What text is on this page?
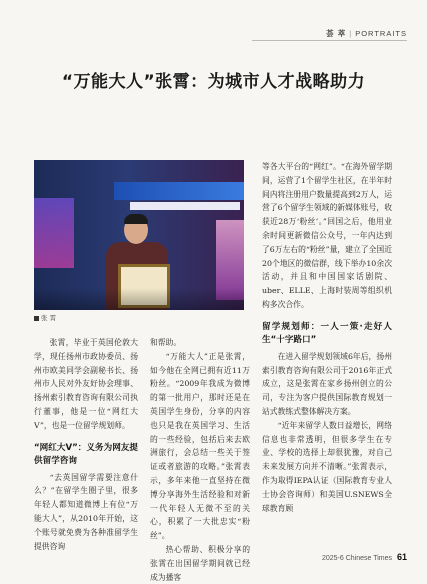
荟 萃 | PORTRAITS
“万能大人”张霄：为城市人才战略助力
张 霄

张霄，毕业于英国伦敦大学，现任扬州市政协委员、扬州市欧美同学会副秘书长、扬州市人民对外友好协会理事、扬州索引教育咨询有限公司执行董事，他是一位“网红大V”，也是一位留学规划师。

“网红大V”：义务为网友提供留学咨询

“去英国留学需要注意什么？”在留学生圈子里，很多年轻人都知道微博上有位“万能大人”，从2010年开始，这个账号就免费为各种准留学生提供咨询

和帮助。

“万能大人”正是张霄，如今他在全网已拥有近11万粉丝。“2009年我成为微博的第一批用户，那时还是在英国学生身份，分享的内容也只是我在英国学习、生活的一些经验，包括后来去欧洲旅行，会总结一些关于签证或者旅游的攻略。”张霄表示，多年来他一直坚持在微博分享海外生活经验和对新一代年轻人无微不至的关心，积累了一大批忠实“粉丝”。

热心帮助、积极分享的张霄在出国留学期间就已经成为播客

等各大平台的“网红”。“在海外留学期间，运营了1个留学生社区，在半年时间内将注册用户数量提高到2万人，运营了6个留学生领域的新媒体账号，收获近28万‘粉丝’。”回国之后，他用业余时间更新微信公众号，一年内达到了6万左右的“粉丝”量，建立了全国近20个地区的微信群，线下举办10余次活动，并且和中国国家话剧院、uber、ELLE、上海时装周等组织机构多次合作。

留学规划师：一人一策·走好人生“十字路口”

在进入留学规划领域6年后，扬州索引教育咨询有限公司于2016年正式成立，这是张霄在家乡扬州创立的公司，专注为客户提供国际教育规划一站式教练式整体解决方案。

“近年来留学人数日益增长，网络信息也非常透明，但很多学生在专业、学校的选择上却很犹豫，对自己未来发展方向并不清晰。”张霄表示，作为取得IEPA认证（国际教育专业人士协会咨询师）和美国U.SNEWS全球教育顾

2025-6 Chinese Times 61
